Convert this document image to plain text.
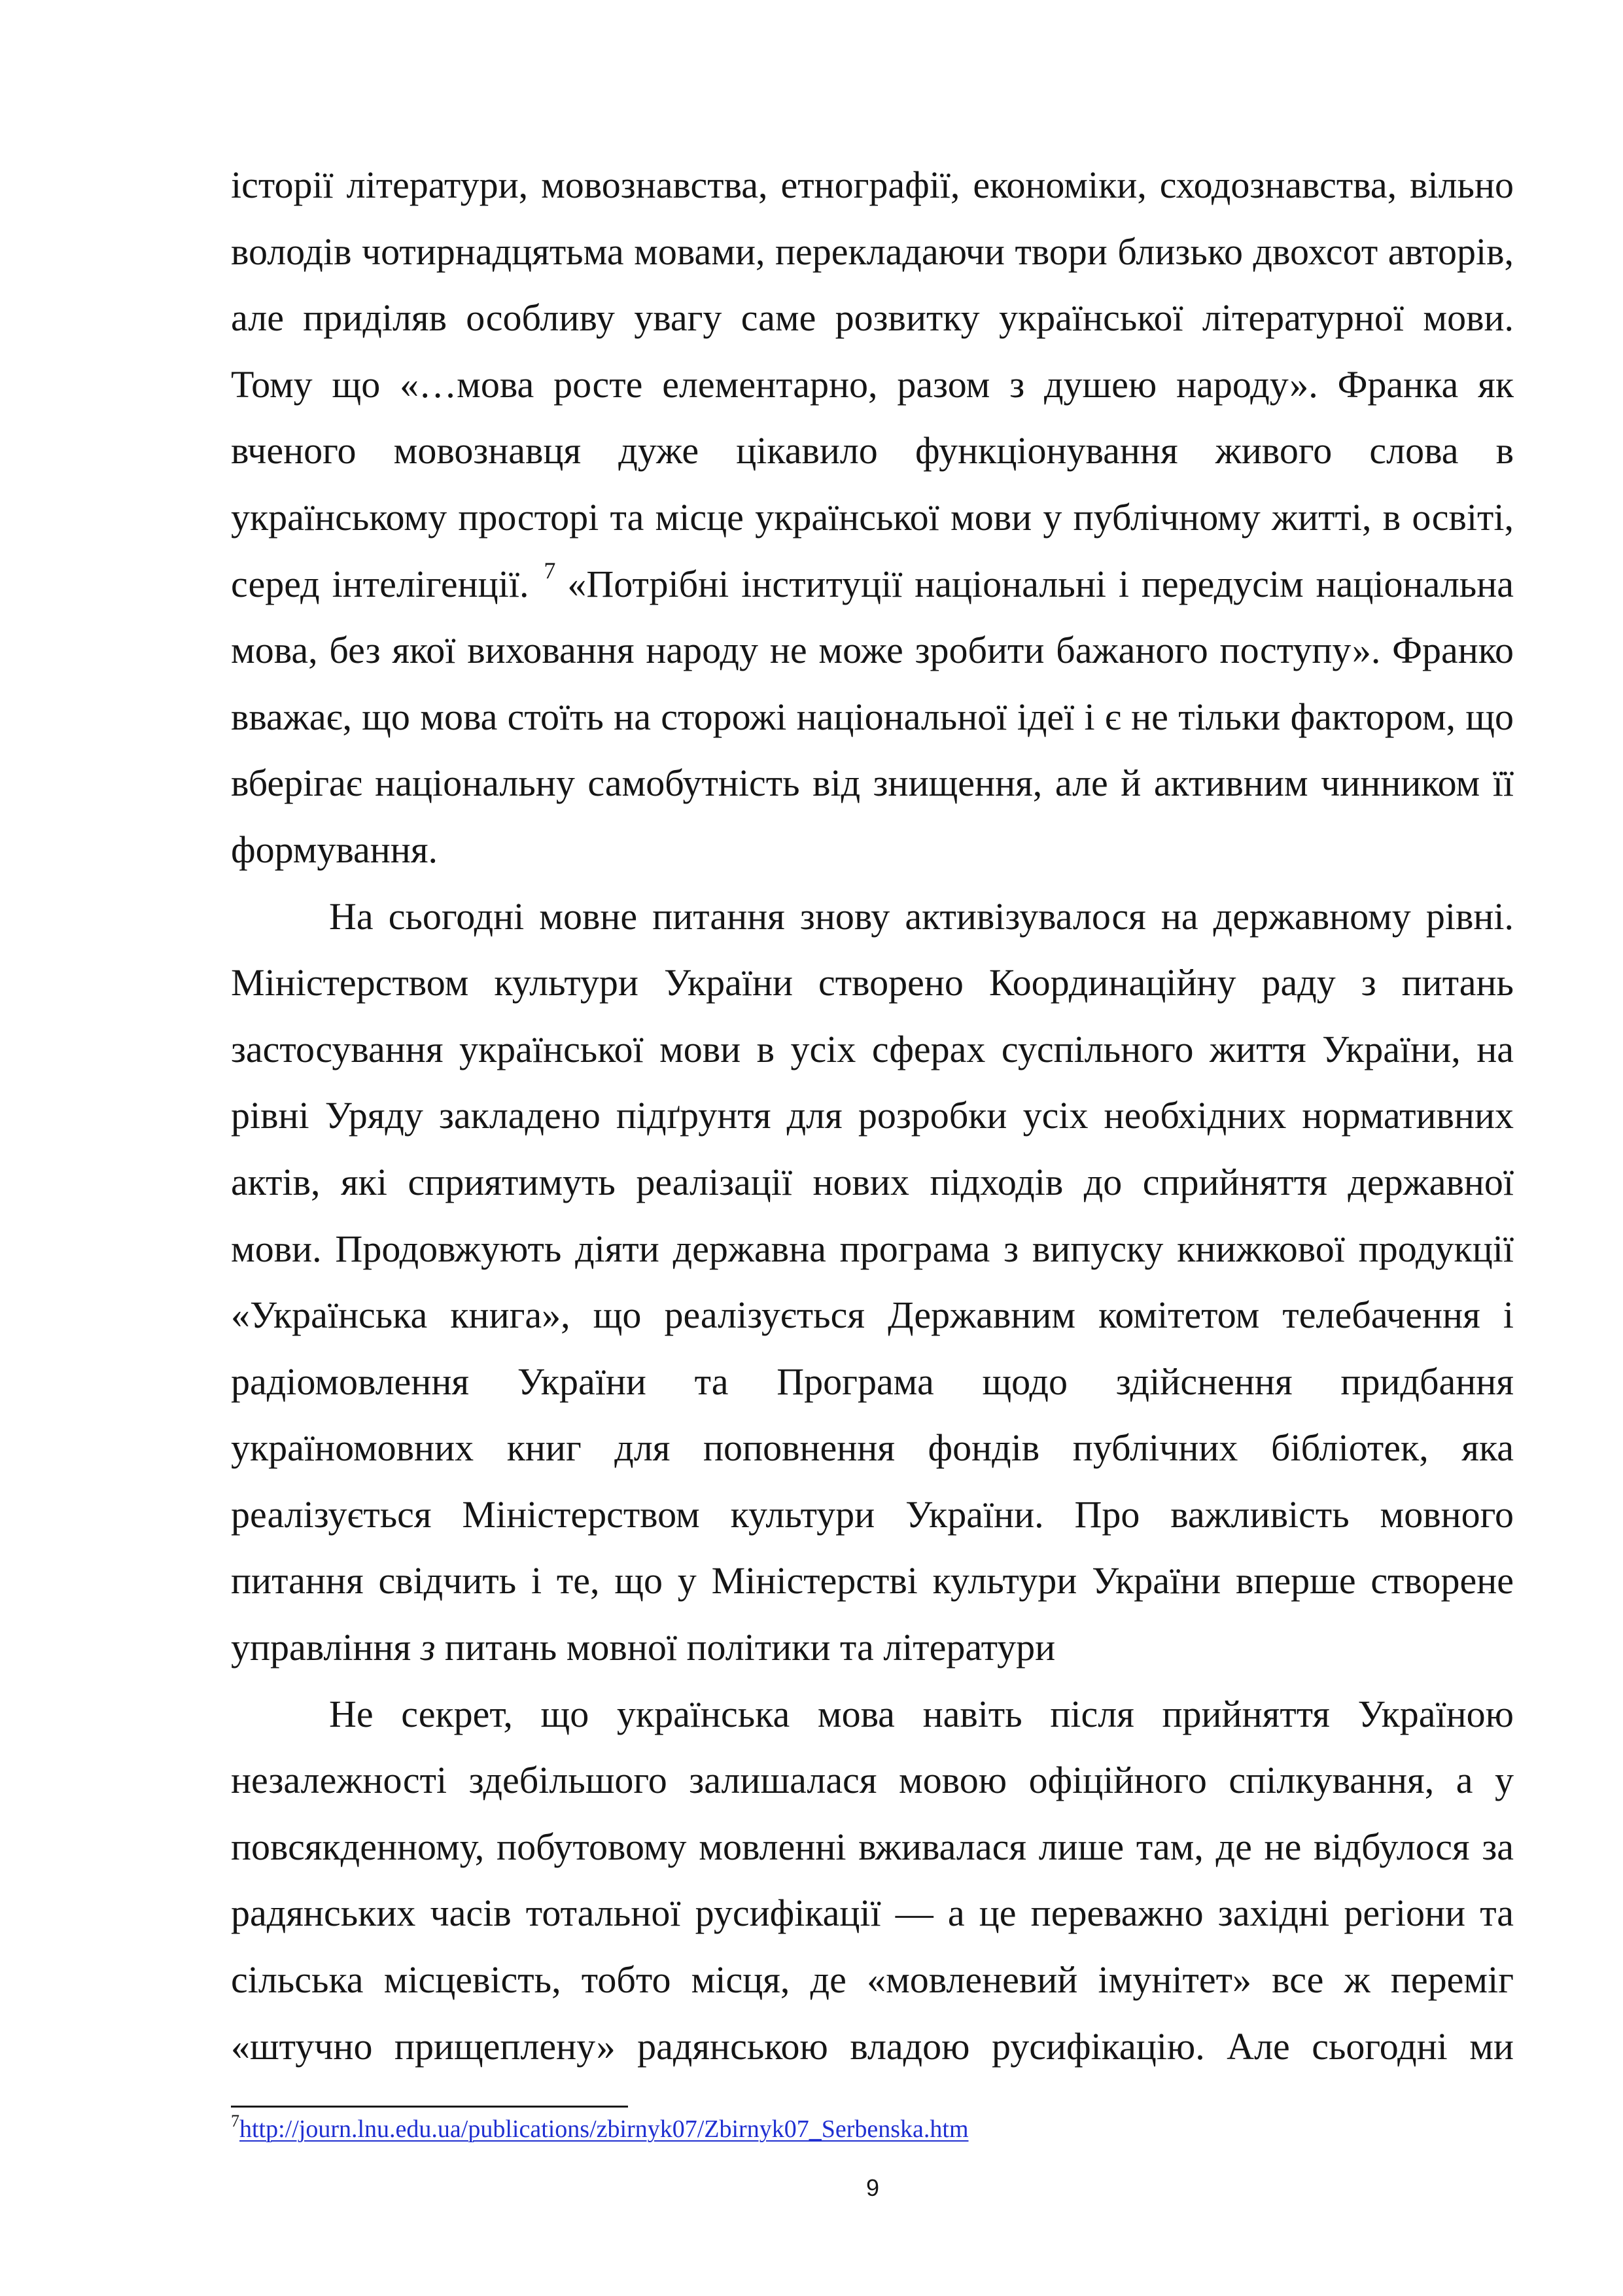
історії літератури, мовознавства, етнографії, економіки, сходознавства, вільно володів чотирнадцятьма мовами, перекладаючи твори близько двохсот авторів, але приділяв особливу увагу саме розвитку української літературної мови. Тому що «…мова росте елементарно, разом з душею народу». Франка як вченого мовознавця дуже цікавило функціонування живого слова в українському просторі та місце української мови у публічному житті, в освіті, серед інтелігенції. $^7$ «Потрібні інституції національні і передусім національна мова, без якої виховання народу не може зробити бажаного поступу». Франко вважає, що мова стоїть на сторожі національної ідеї і є не тільки фактором, що вберігає національну самобутність від знищення, але й активним чинником її формування.

На сьогодні мовне питання знову активізувалося на державному рівні. Міністерством культури України створено Координаційну раду з питань застосування української мови в усіх сферах суспільного життя України, на рівні Уряду закладено підґрунтя для розробки усіх необхідних нормативних актів, які сприятимуть реалізації нових підходів до сприйняття державної мови. Продовжують діяти державна програма з випуску книжкової продукції «Українська книга», що реалізується Державним комітетом телебачення і радіомовлення України та Програма щодо здійснення придбання україномовних книг для поповнення фондів публічних бібліотек, яка реалізується Міністерством культури України. Про важливість мовного питання свідчить і те, що у Міністерстві культури України вперше створене управління з питань мовної політики та літератури

Не секрет, що українська мова навіть після прийняття Україною незалежності здебільшого залишалася мовою офіційного спілкування, а у повсякденному, побутовому мовленні вживалася лише там, де не відбулося за радянських часів тотальної русифікації — а це переважно західні регіони та сільська місцевість, тобто місця, де «мовленевий імунітет» все ж переміг «штучно прищеплену» радянською владою русифікацію. Але сьогодні ми

$^7$http://journ.lnu.edu.ua/publications/zbirnyk07/Zbirnyk07_Serbenska.htm
9
